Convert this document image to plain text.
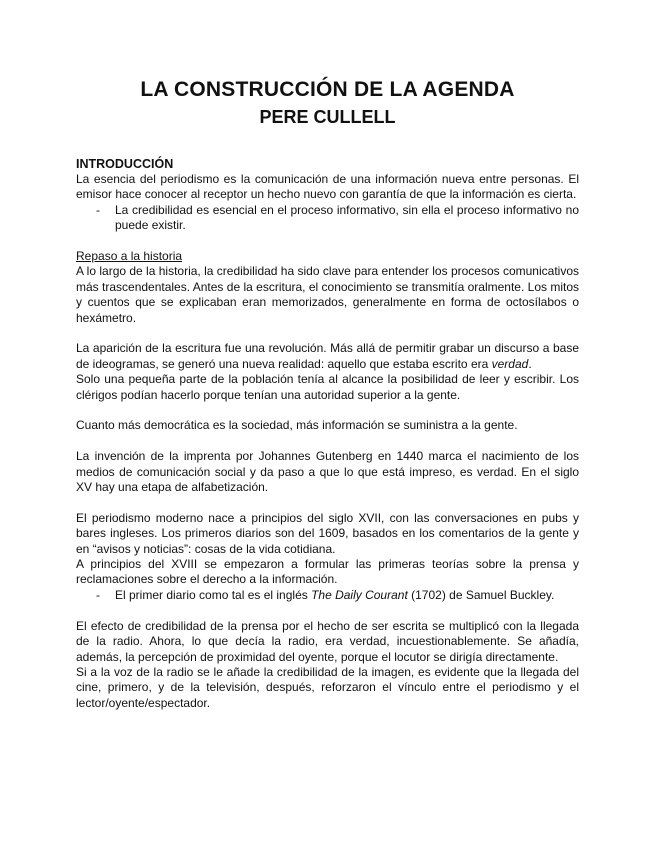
LA CONSTRUCCIÓN DE LA AGENDA
PERE CULLELL
INTRODUCCIÓN

La esencia del periodismo es la comunicación de una información nueva entre personas. El emisor hace conocer al receptor un hecho nuevo con garantía de que la información es cierta.

- La credibilidad es esencial en el proceso informativo, sin ella el proceso informativo no puede existir.

Repaso a la historia

A lo largo de la historia, la credibilidad ha sido clave para entender los procesos comunicativos más trascendentales. Antes de la escritura, el conocimiento se transmitía oralmente. Los mitos y cuentos que se explicaban eran memorizados, generalmente en forma de octosílabos o hexámetro.

La aparición de la escritura fue una revolución. Más allá de permitir grabar un discurso a base de ideogramas, se generó una nueva realidad: aquello que estaba escrito era verdad.

Solo una pequeña parte de la población tenía al alcance la posibilidad de leer y escribir. Los clérigos podían hacerlo porque tenían una autoridad superior a la gente.

Cuanto más democrática es la sociedad, más información se suministra a la gente.

La invención de la imprenta por Johannes Gutenberg en 1440 marca el nacimiento de los medios de comunicación social y da paso a que lo que está impreso, es verdad. En el siglo XV hay una etapa de alfabetización.

El periodismo moderno nace a principios del siglo XVII, con las conversaciones en pubs y bares ingleses. Los primeros diarios son del 1609, basados en los comentarios de la gente y en “avisos y noticias”: cosas de la vida cotidiana.

A principios del XVIII se empezaron a formular las primeras teorías sobre la prensa y reclamaciones sobre el derecho a la información.

- El primer diario como tal es el inglés The Daily Courant (1702) de Samuel Buckley.

El efecto de credibilidad de la prensa por el hecho de ser escrita se multiplicó con la llegada de la radio. Ahora, lo que decía la radio, era verdad, incuestionablemente. Se añadía, además, la percepción de proximidad del oyente, porque el locutor se dirigía directamente.

Si a la voz de la radio se le añade la credibilidad de la imagen, es evidente que la llegada del cine, primero, y de la televisión, después, reforzaron el vínculo entre el periodismo y el lector/oyente/espectador.
